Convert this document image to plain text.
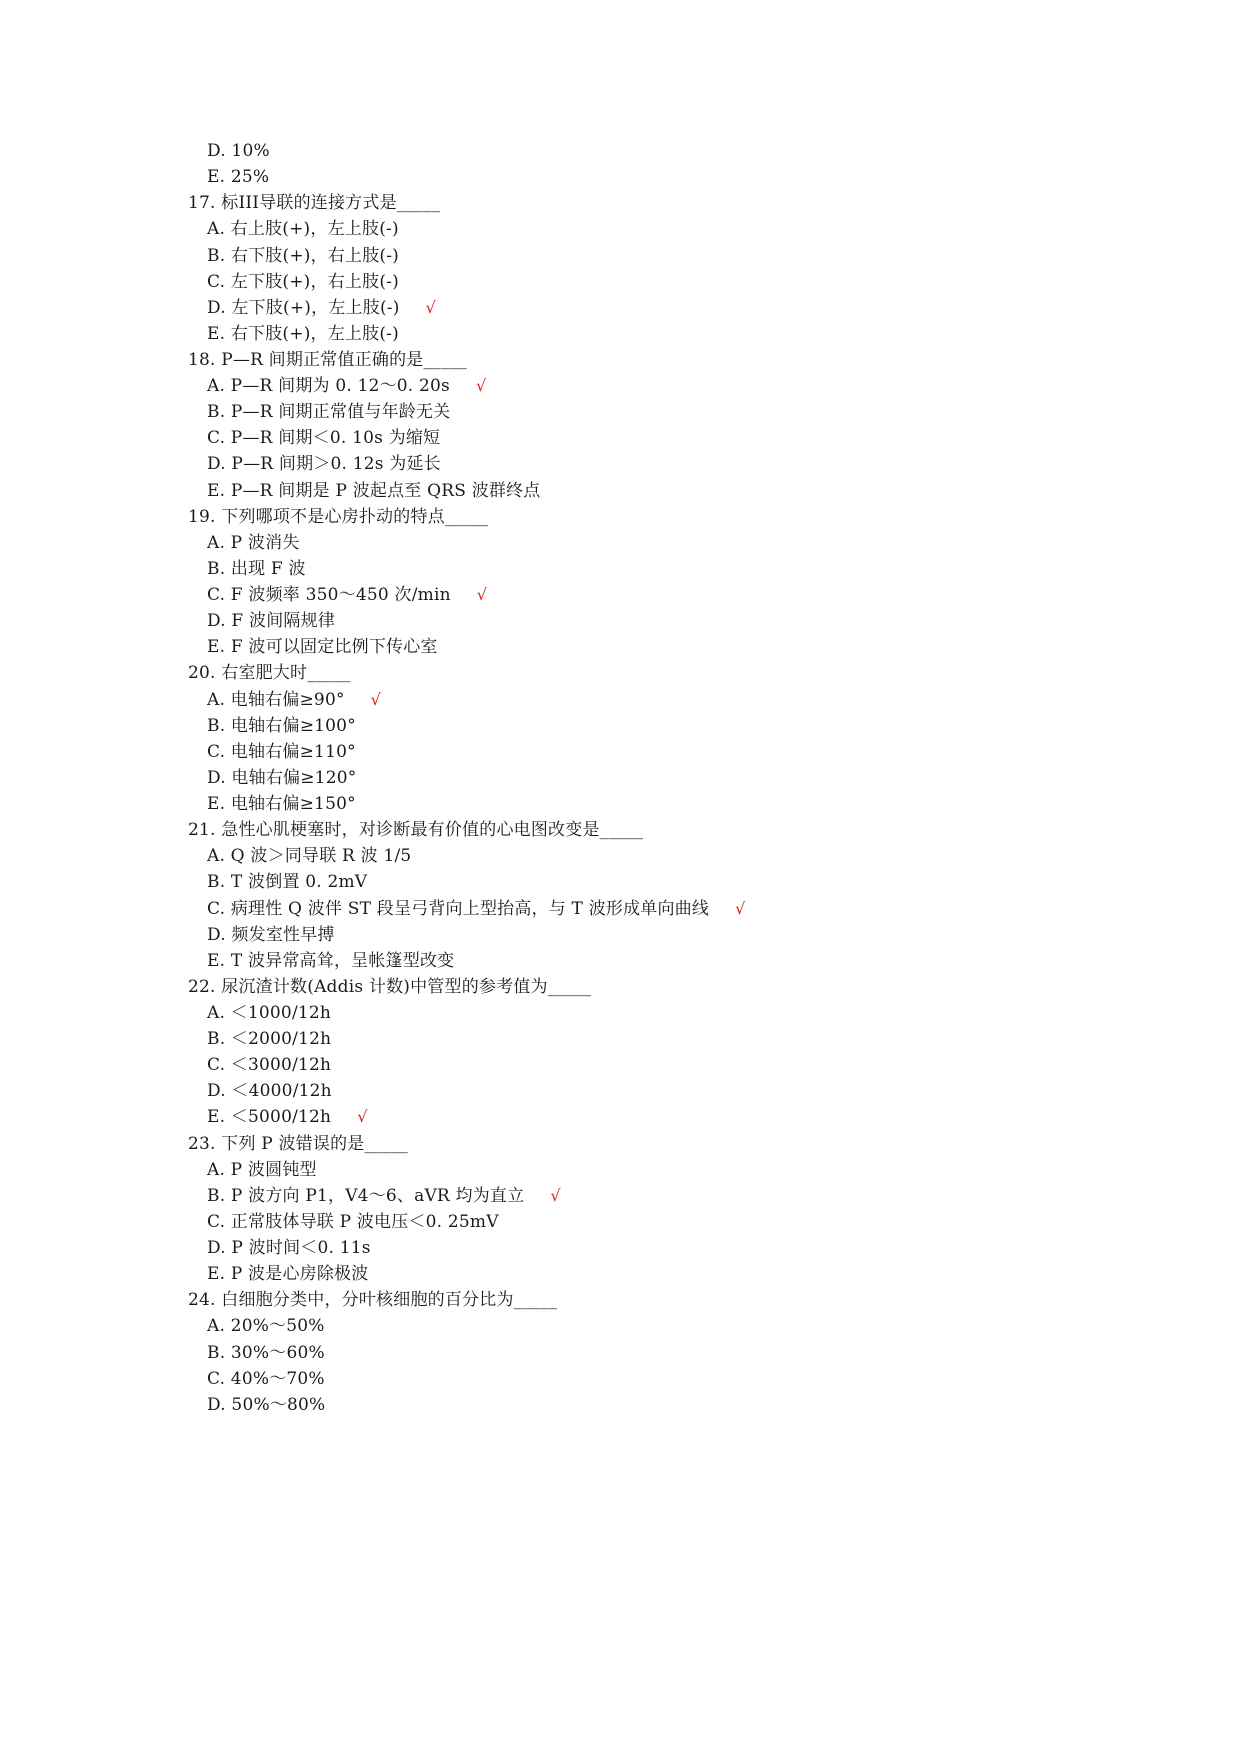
D. 10%
E. 25%
17. 标III导联的连接方式是_____
A. 右上肢(+)，左上肢(-)
B. 右下肢(+)，右上肢(-)
C. 左下肢(+)，右上肢(-)
D. 左下肢(+)，左上肢(-) √
E. 右下肢(+)，左上肢(-)
18. P—R 间期正常值正确的是_____
A. P—R 间期为 0. 12～0. 20s √
B. P—R 间期正常值与年龄无关
C. P—R 间期＜0. 10s 为缩短
D. P—R 间期＞0. 12s 为延长
E. P—R 间期是 P 波起点至 QRS 波群终点
19. 下列哪项不是心房扑动的特点_____
A. P 波消失
B. 出现 F 波
C. F 波频率 350～450 次/min √
D. F 波间隔规律
E. F 波可以固定比例下传心室
20. 右室肥大时_____
A. 电轴右偏≥90° √
B. 电轴右偏≥100°
C. 电轴右偏≥110°
D. 电轴右偏≥120°
E. 电轴右偏≥150°
21. 急性心肌梗塞时，对诊断最有价值的心电图改变是_____
A. Q 波＞同导联 R 波 1/5
B. T 波倒置 0. 2mV
C. 病理性 Q 波伴 ST 段呈弓背向上型抬高，与 T 波形成单向曲线 √
D. 频发室性早搏
E. T 波异常高耸，呈帐篷型改变
22. 尿沉渣计数(Addis 计数)中管型的参考值为_____
A. ＜1000/12h
B. ＜2000/12h
C. ＜3000/12h
D. ＜4000/12h
E. ＜5000/12h √
23. 下列 P 波错误的是_____
A. P 波圆钝型
B. P 波方向 P1，V4～6、aVR 均为直立 √
C. 正常肢体导联 P 波电压＜0. 25mV
D. P 波时间＜0. 11s
E. P 波是心房除极波
24. 白细胞分类中，分叶核细胞的百分比为_____
A. 20%～50%
B. 30%～60%
C. 40%～70%
D. 50%～80%
